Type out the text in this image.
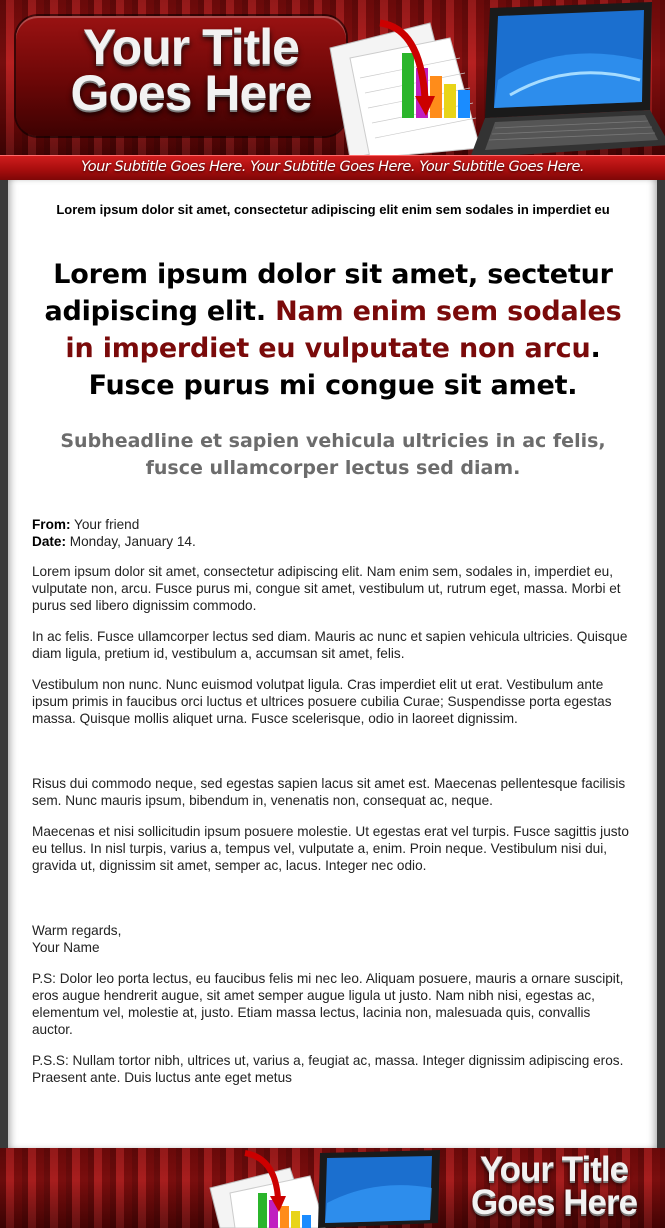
Your Title Goes Here
Your Subtitle Goes Here. Your Subtitle Goes Here. Your Subtitle Goes Here.
Lorem ipsum dolor sit amet, consectetur adipiscing elit enim sem sodales in imperdiet eu
Lorem ipsum dolor sit amet, sectetur adipiscing elit. Nam enim sem sodales in imperdiet eu vulputate non arcu. Fusce purus mi congue sit amet.
Subheadline et sapien vehicula ultricies in ac felis, fusce ullamcorper lectus sed diam.

From: Your friend
Date: Monday, January 14.

Lorem ipsum dolor sit amet, consectetur adipiscing elit. Nam enim sem, sodales in, imperdiet eu, vulputate non, arcu. Fusce purus mi, congue sit amet, vestibulum ut, rutrum eget, massa. Morbi et purus sed libero dignissim commodo.

In ac felis. Fusce ullamcorper lectus sed diam. Mauris ac nunc et sapien vehicula ultricies. Quisque diam ligula, pretium id, vestibulum a, accumsan sit amet, felis.

Vestibulum non nunc. Nunc euismod volutpat ligula. Cras imperdiet elit ut erat. Vestibulum ante ipsum primis in faucibus orci luctus et ultrices posuere cubilia Curae; Suspendisse porta egestas massa. Quisque mollis aliquet urna. Fusce scelerisque, odio in laoreet dignissim.

Risus dui commodo neque, sed egestas sapien lacus sit amet est. Maecenas pellentesque facilisis sem. Nunc mauris ipsum, bibendum in, venenatis non, consequat ac, neque.

Maecenas et nisi sollicitudin ipsum posuere molestie. Ut egestas erat vel turpis. Fusce sagittis justo eu tellus. In nisl turpis, varius a, tempus vel, vulputate a, enim. Proin neque. Vestibulum nisi dui, gravida ut, dignissim sit amet, semper ac, lacus. Integer nec odio.

Warm regards,
Your Name

P.S: Dolor leo porta lectus, eu faucibus felis mi nec leo. Aliquam posuere, mauris a ornare suscipit, eros augue hendrerit augue, sit amet semper augue ligula ut justo. Nam nibh nisi, egestas ac, elementum vel, molestie at, justo. Etiam massa lectus, lacinia non, malesuada quis, convallis auctor.

P.S.S: Nullam tortor nibh, ultrices ut, varius a, feugiat ac, massa. Integer dignissim adipiscing eros. Praesent ante. Duis luctus ante eget metus

Your Title Goes Here
